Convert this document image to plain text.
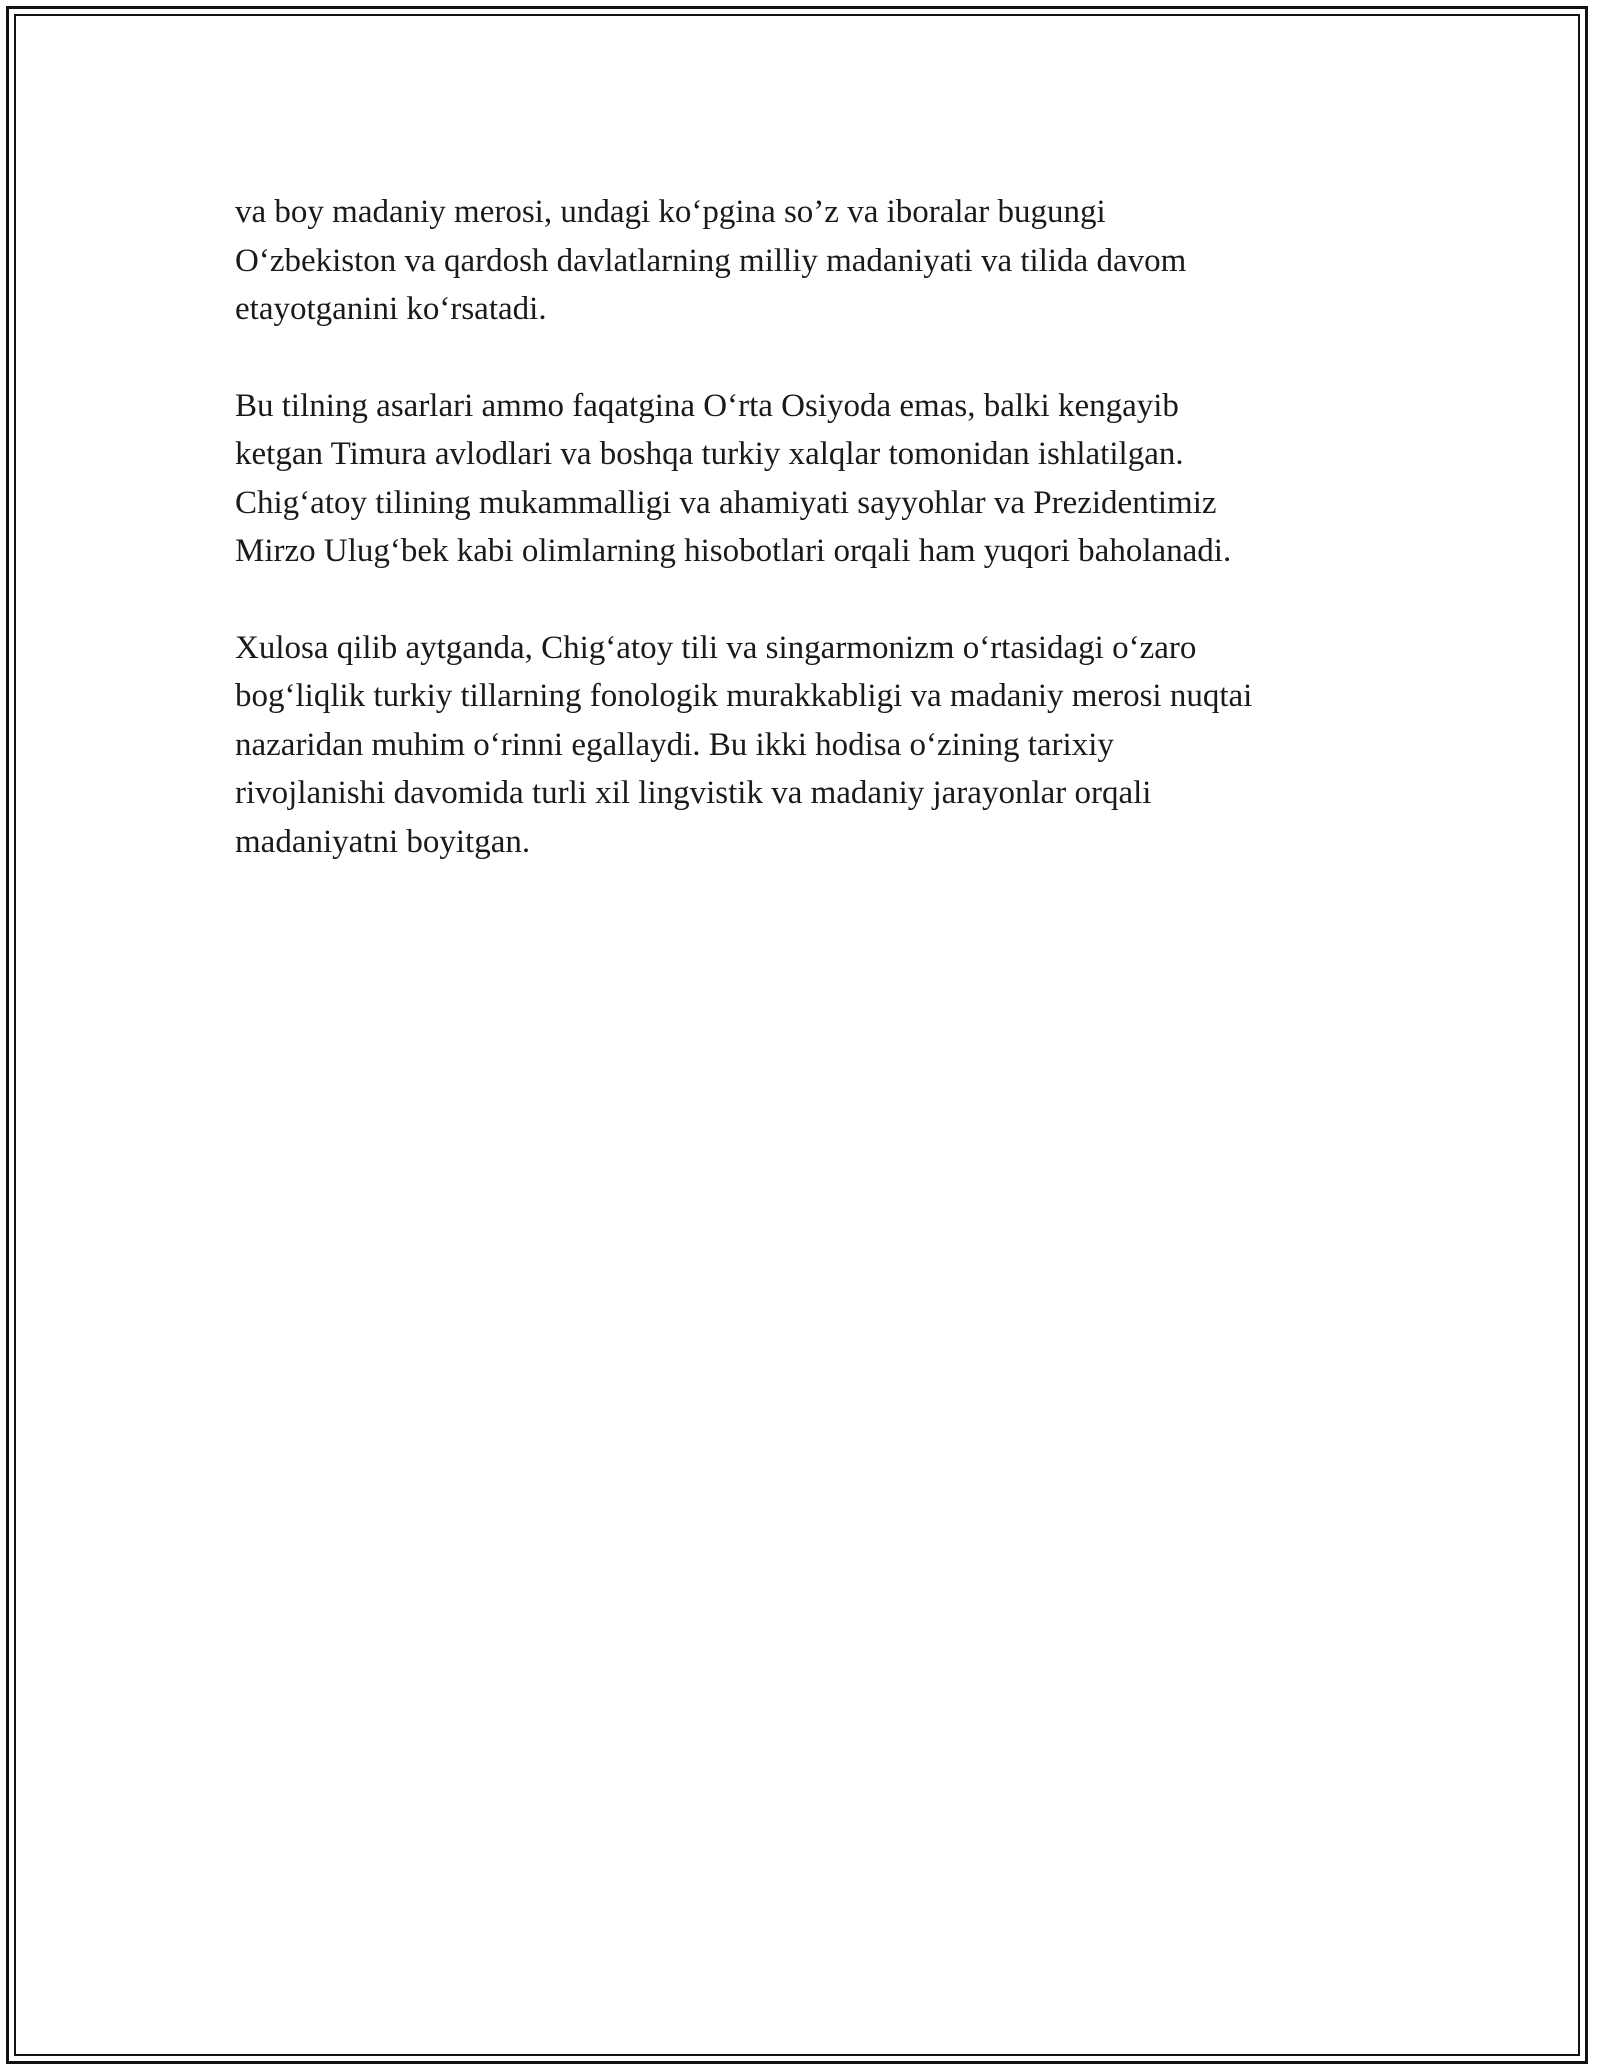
va boy madaniy merosi, undagi koʻpgina so’z va iboralar bugungi
Oʻzbekiston va qardosh davlatlarning milliy madaniyati va tilida davom
etayotganini koʻrsatadi.

Bu tilning asarlari ammo faqatgina Oʻrta Osiyoda emas, balki kengayib
ketgan Timura avlodlari va boshqa turkiy xalqlar tomonidan ishlatilgan.
Chigʻatoy tilining mukammalligi va ahamiyati sayyohlar va Prezidentimiz
Mirzo Ulugʻbek kabi olimlarning hisobotlari orqali ham yuqori baholanadi.

Xulosa qilib aytganda, Chigʻatoy tili va singarmonizm oʻrtasidagi oʻzaro
bogʻliqlik turkiy tillarning fonologik murakkabligi va madaniy merosi nuqtai
nazaridan muhim oʻrinni egallaydi. Bu ikki hodisa oʻzining tarixiy
rivojlanishi davomida turli xil lingvistik va madaniy jarayonlar orqali
madaniyatni boyitgan.
